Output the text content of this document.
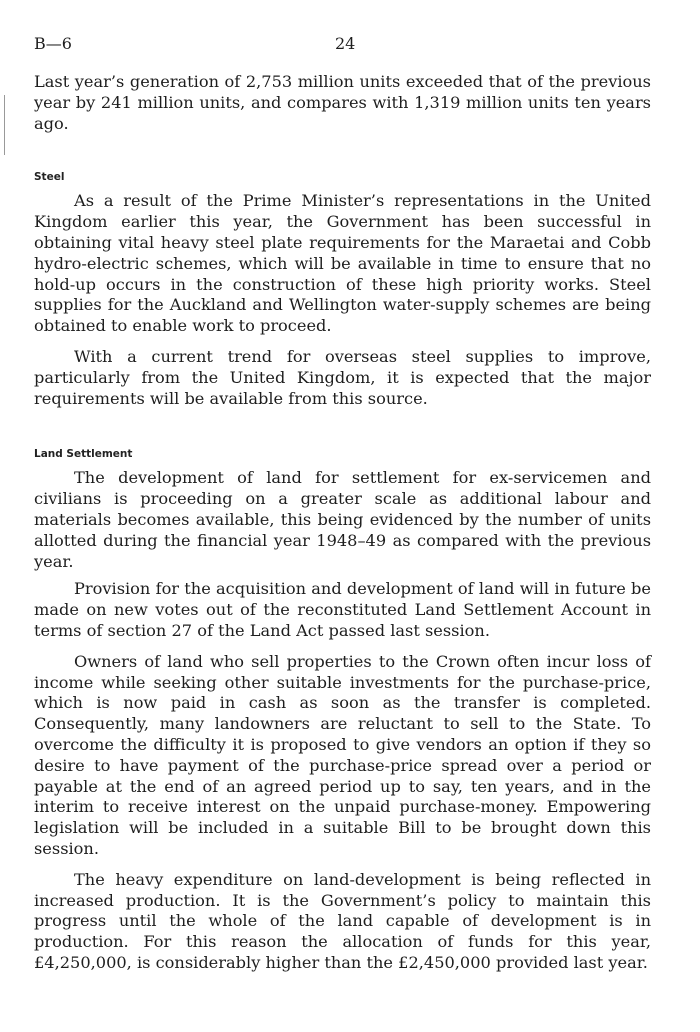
B—6	24

Last year’s generation of 2,753 million units exceeded that of the previous year by 241 million units, and compares with 1,319 million units ten years ago.

Steel

As a result of the Prime Minister’s representations in the United Kingdom earlier this year, the Government has been successful in obtaining vital heavy steel plate requirements for the Maraetai and Cobb hydro-electric schemes, which will be available in time to ensure that no hold-up occurs in the construction of these high priority works. Steel supplies for the Auckland and Wellington water-supply schemes are being obtained to enable work to proceed.

With a current trend for overseas steel supplies to improve, particularly from the United Kingdom, it is expected that the major requirements will be available from this source.

Land Settlement

The development of land for settlement for ex-servicemen and civilians is proceeding on a greater scale as additional labour and materials becomes available, this being evidenced by the number of units allotted during the financial year 1948–49 as compared with the previous year.

Provision for the acquisition and development of land will in future be made on new votes out of the reconstituted Land Settlement Account in terms of section 27 of the Land Act passed last session.

Owners of land who sell properties to the Crown often incur loss of income while seeking other suitable investments for the purchase-price, which is now paid in cash as soon as the transfer is completed. Consequently, many landowners are reluctant to sell to the State. To overcome the difficulty it is proposed to give vendors an option if they so desire to have payment of the purchase-price spread over a period or payable at the end of an agreed period up to say, ten years, and in the interim to receive interest on the unpaid purchase-money. Empowering legislation will be included in a suitable Bill to be brought down this session.

The heavy expenditure on land-development is being reflected in increased production. It is the Government’s policy to maintain this progress until the whole of the land capable of development is in production. For this reason the allocation of funds for this year, £4,250,000, is considerably higher than the £2,450,000 provided last year.
